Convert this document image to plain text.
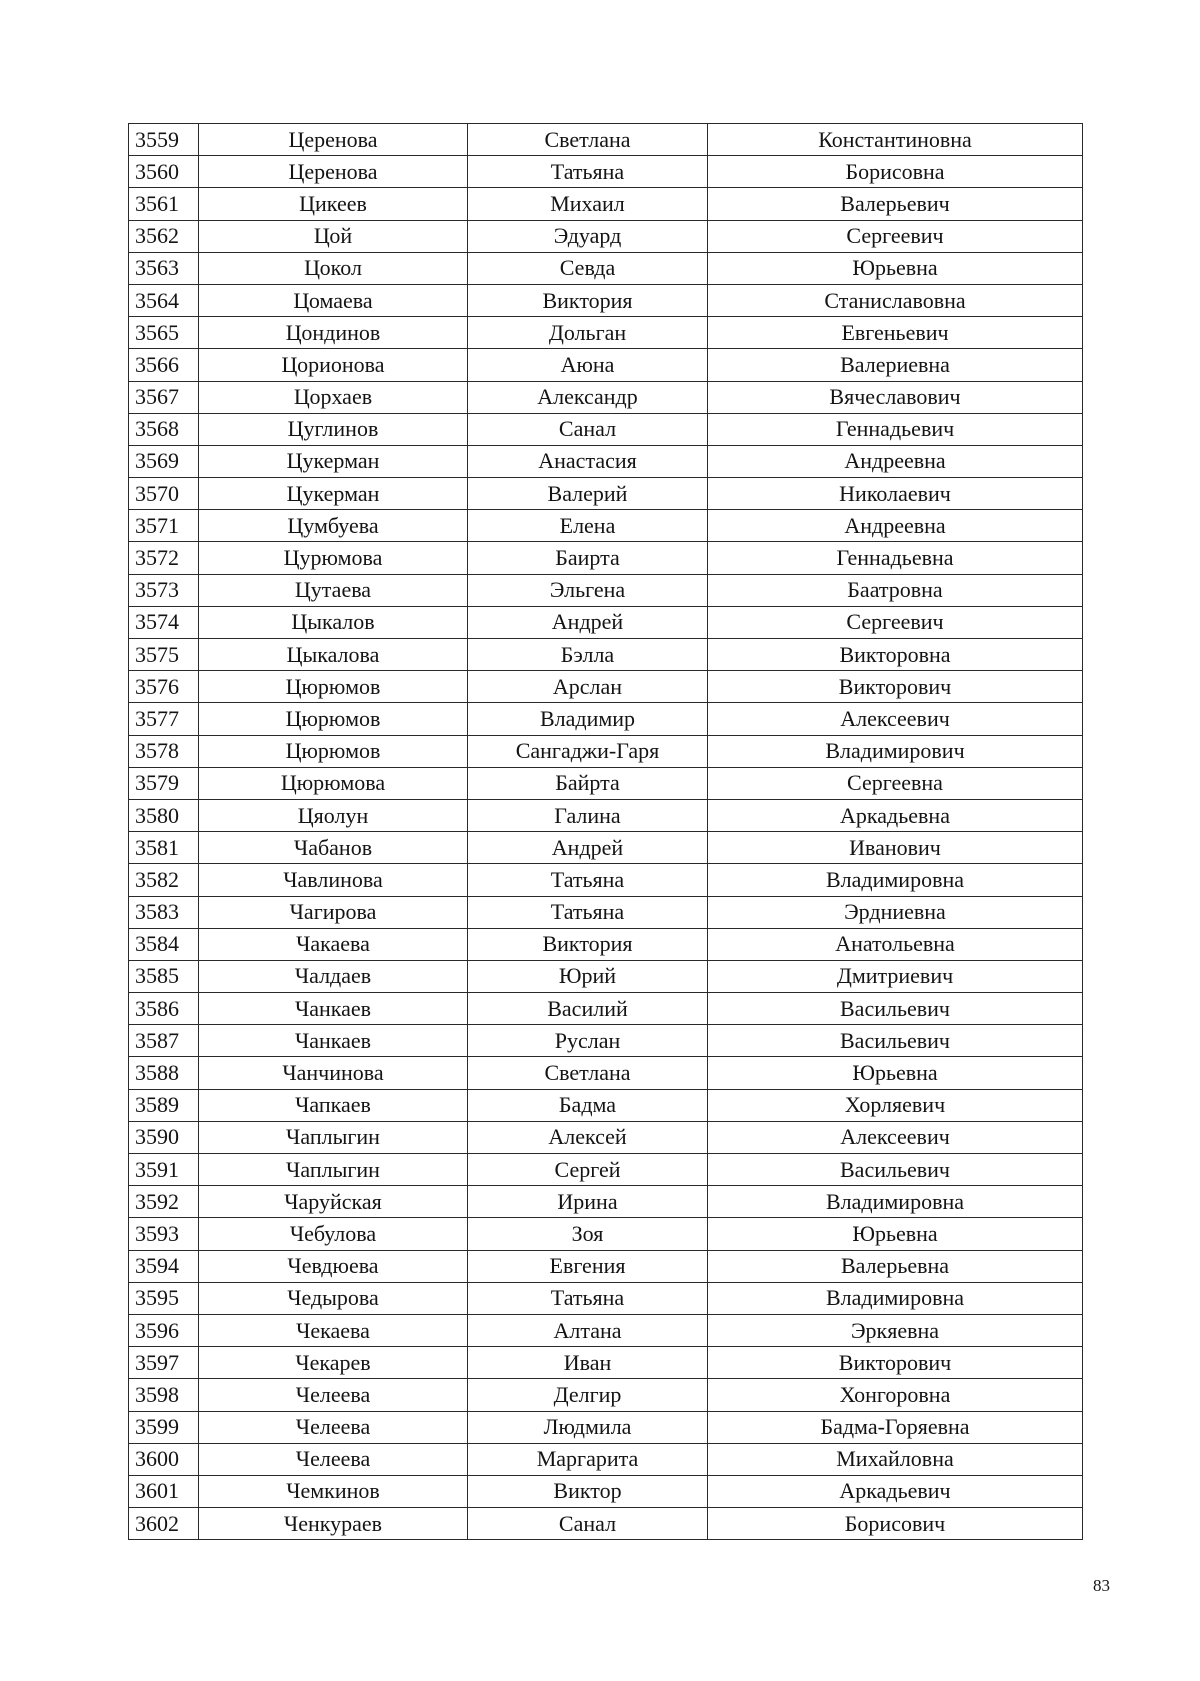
3559	Церенова	Светлана	Константиновна
3560	Церенова	Татьяна	Борисовна
3561	Цикеев	Михаил	Валерьевич
3562	Цой	Эдуард	Сергеевич
3563	Цокол	Севда	Юрьевна
3564	Цомаева	Виктория	Станиславовна
3565	Цондинов	Дольган	Евгеньевич
3566	Цорионова	Аюна	Валериевна
3567	Цорхаев	Александр	Вячеславович
3568	Цуглинов	Санал	Геннадьевич
3569	Цукерман	Анастасия	Андреевна
3570	Цукерман	Валерий	Николаевич
3571	Цумбуева	Елена	Андреевна
3572	Цурюмова	Баирта	Геннадьевна
3573	Цутаева	Эльгена	Баатровна
3574	Цыкалов	Андрей	Сергеевич
3575	Цыкалова	Бэлла	Викторовна
3576	Цюрюмов	Арслан	Викторович
3577	Цюрюмов	Владимир	Алексеевич
3578	Цюрюмов	Сангаджи-Гаря	Владимирович
3579	Цюрюмова	Байрта	Сергеевна
3580	Цяолун	Галина	Аркадьевна
3581	Чабанов	Андрей	Иванович
3582	Чавлинова	Татьяна	Владимировна
3583	Чагирова	Татьяна	Эрдниевна
3584	Чакаева	Виктория	Анатольевна
3585	Чалдаев	Юрий	Дмитриевич
3586	Чанкаев	Василий	Васильевич
3587	Чанкаев	Руслан	Васильевич
3588	Чанчинова	Светлана	Юрьевна
3589	Чапкаев	Бадма	Хорляевич
3590	Чаплыгин	Алексей	Алексеевич
3591	Чаплыгин	Сергей	Васильевич
3592	Чаруйская	Ирина	Владимировна
3593	Чебулова	Зоя	Юрьевна
3594	Чевдюева	Евгения	Валерьевна
3595	Чедырова	Татьяна	Владимировна
3596	Чекаева	Алтана	Эркяевна
3597	Чекарев	Иван	Викторович
3598	Челеева	Делгир	Хонгоровна
3599	Челеева	Людмила	Бадма-Горяевна
3600	Челеева	Маргарита	Михайловна
3601	Чемкинов	Виктор	Аркадьевич
3602	Ченкураев	Санал	Борисович
83
